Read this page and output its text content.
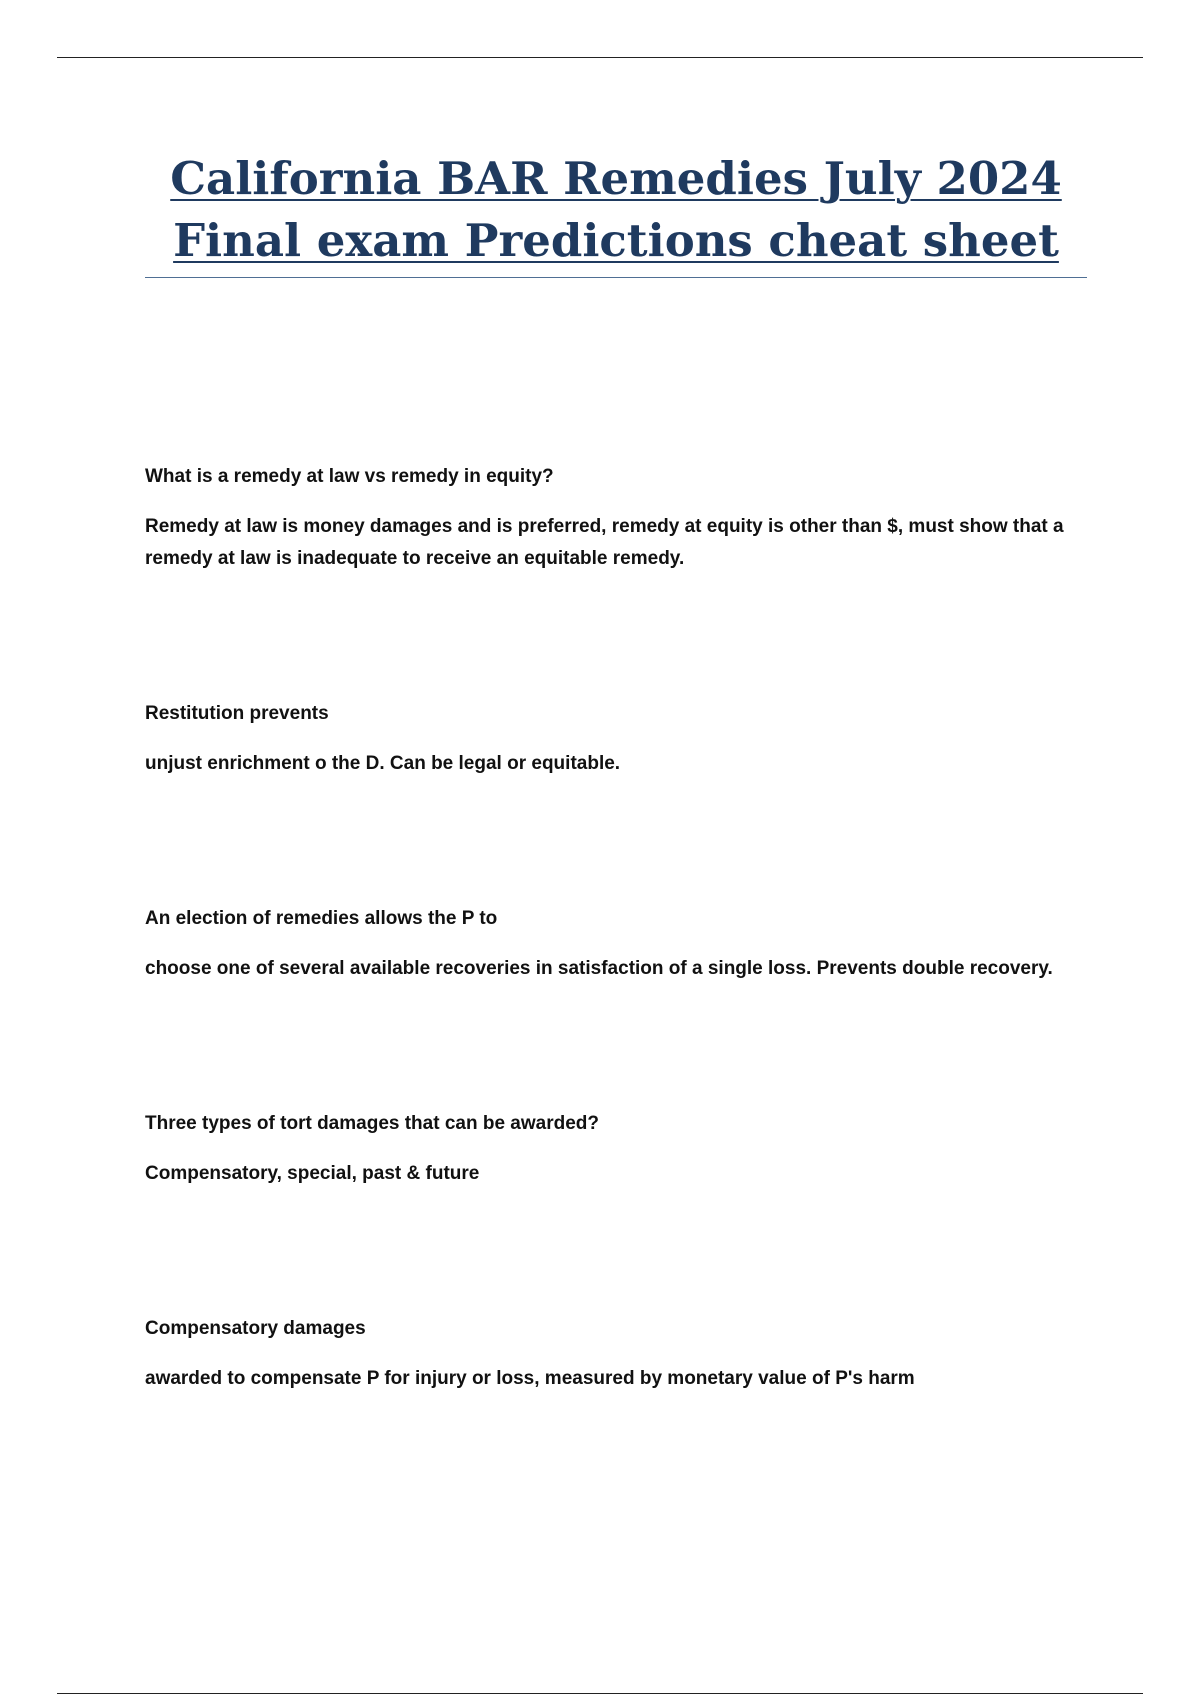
California BAR Remedies July 2024
Final exam Predictions cheat sheet
What is a remedy at law vs remedy in equity?
Remedy at law is money damages and is preferred, remedy at equity is other than $, must show that a remedy at law is inadequate to receive an equitable remedy.
Restitution prevents
unjust enrichment o the D. Can be legal or equitable.
An election of remedies allows the P to
choose one of several available recoveries in satisfaction of a single loss. Prevents double recovery.
Three types of tort damages that can be awarded?
Compensatory, special, past & future
Compensatory damages
awarded to compensate P for injury or loss, measured by monetary value of P's harm
